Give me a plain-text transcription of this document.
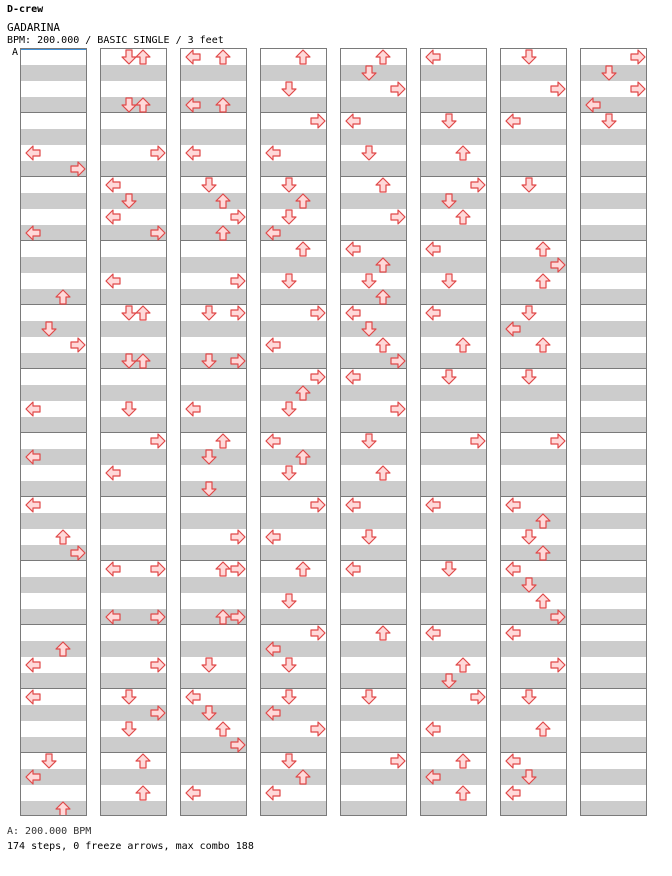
D-crew
GADARINA
BPM: 200.000 / BASIC SINGLE / 3 feet
A
A: 200.000 BPM
174 steps, 0 freeze arrows, max combo 188
